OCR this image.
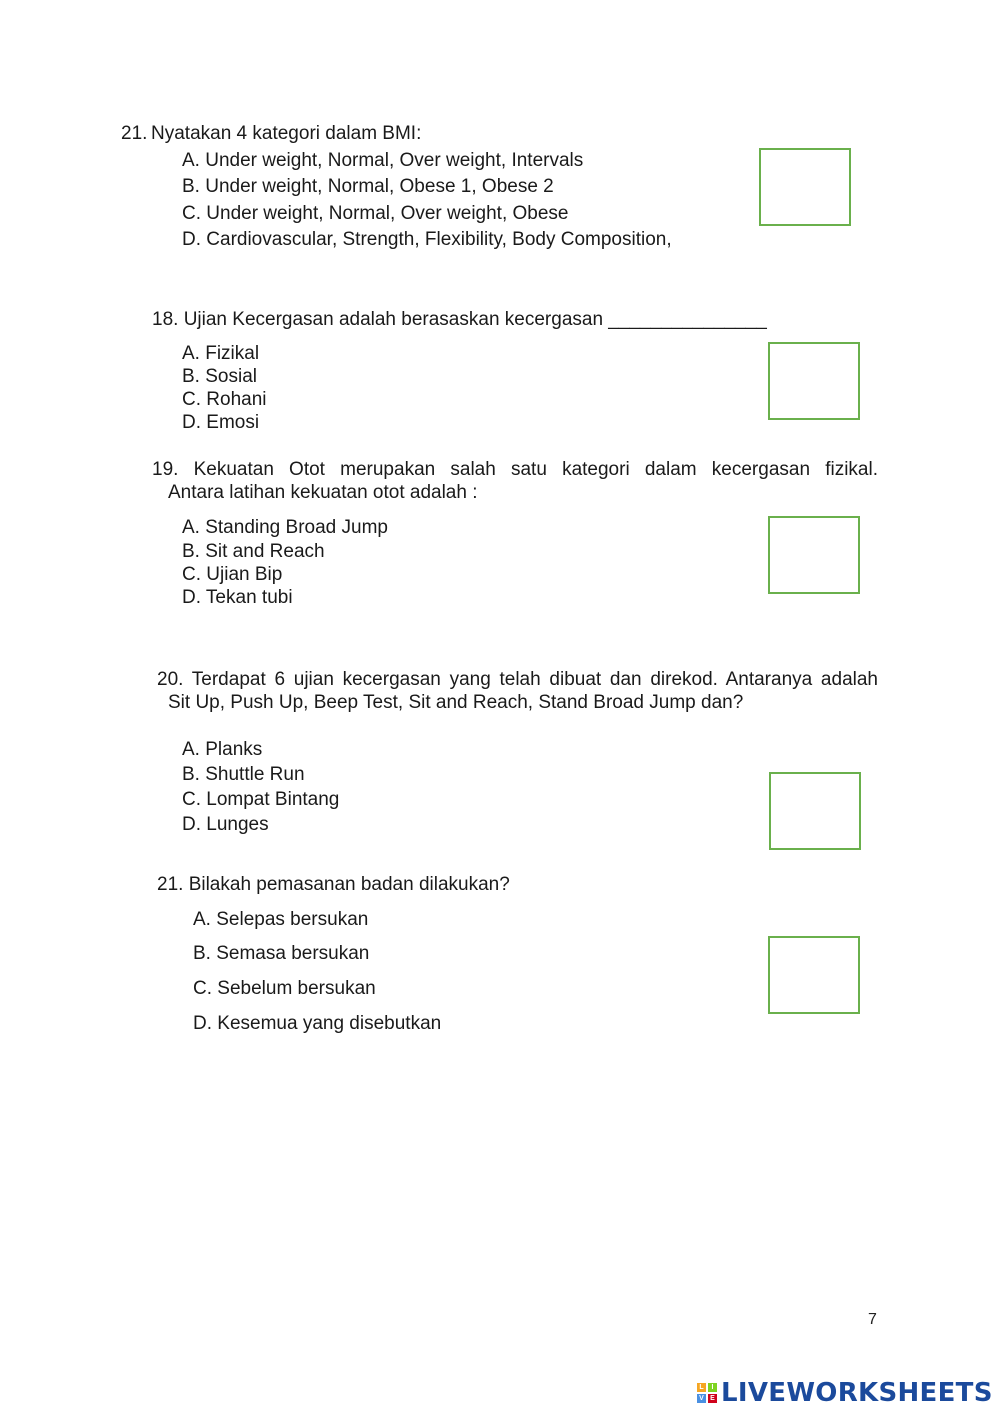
21. Nyatakan 4 kategori dalam BMI:
A. Under weight, Normal, Over weight, Intervals
B. Under weight, Normal, Obese 1, Obese 2
C. Under weight, Normal, Over weight, Obese
D. Cardiovascular, Strength, Flexibility, Body Composition,
18. Ujian Kecergasan adalah berasaskan kecergasan _______________
A. Fizikal
B. Sosial
C. Rohani
D. Emosi
19. Kekuatan Otot merupakan salah satu kategori dalam kecergasan fizikal.
Antara latihan kekuatan otot adalah :
A. Standing Broad Jump
B. Sit and Reach
C. Ujian Bip
D. Tekan tubi
20. Terdapat 6 ujian kecergasan yang telah dibuat dan direkod. Antaranya adalah
Sit Up, Push Up, Beep Test, Sit and Reach, Stand Broad Jump dan?
A. Planks
B. Shuttle Run
C. Lompat Bintang
D. Lunges
21. Bilakah pemasanan badan dilakukan?
A. Selepas bersukan
B. Semasa bersukan
C. Sebelum bersukan
D. Kesemua yang disebutkan
7
L	I
V E LIVEWORKSHEETS
